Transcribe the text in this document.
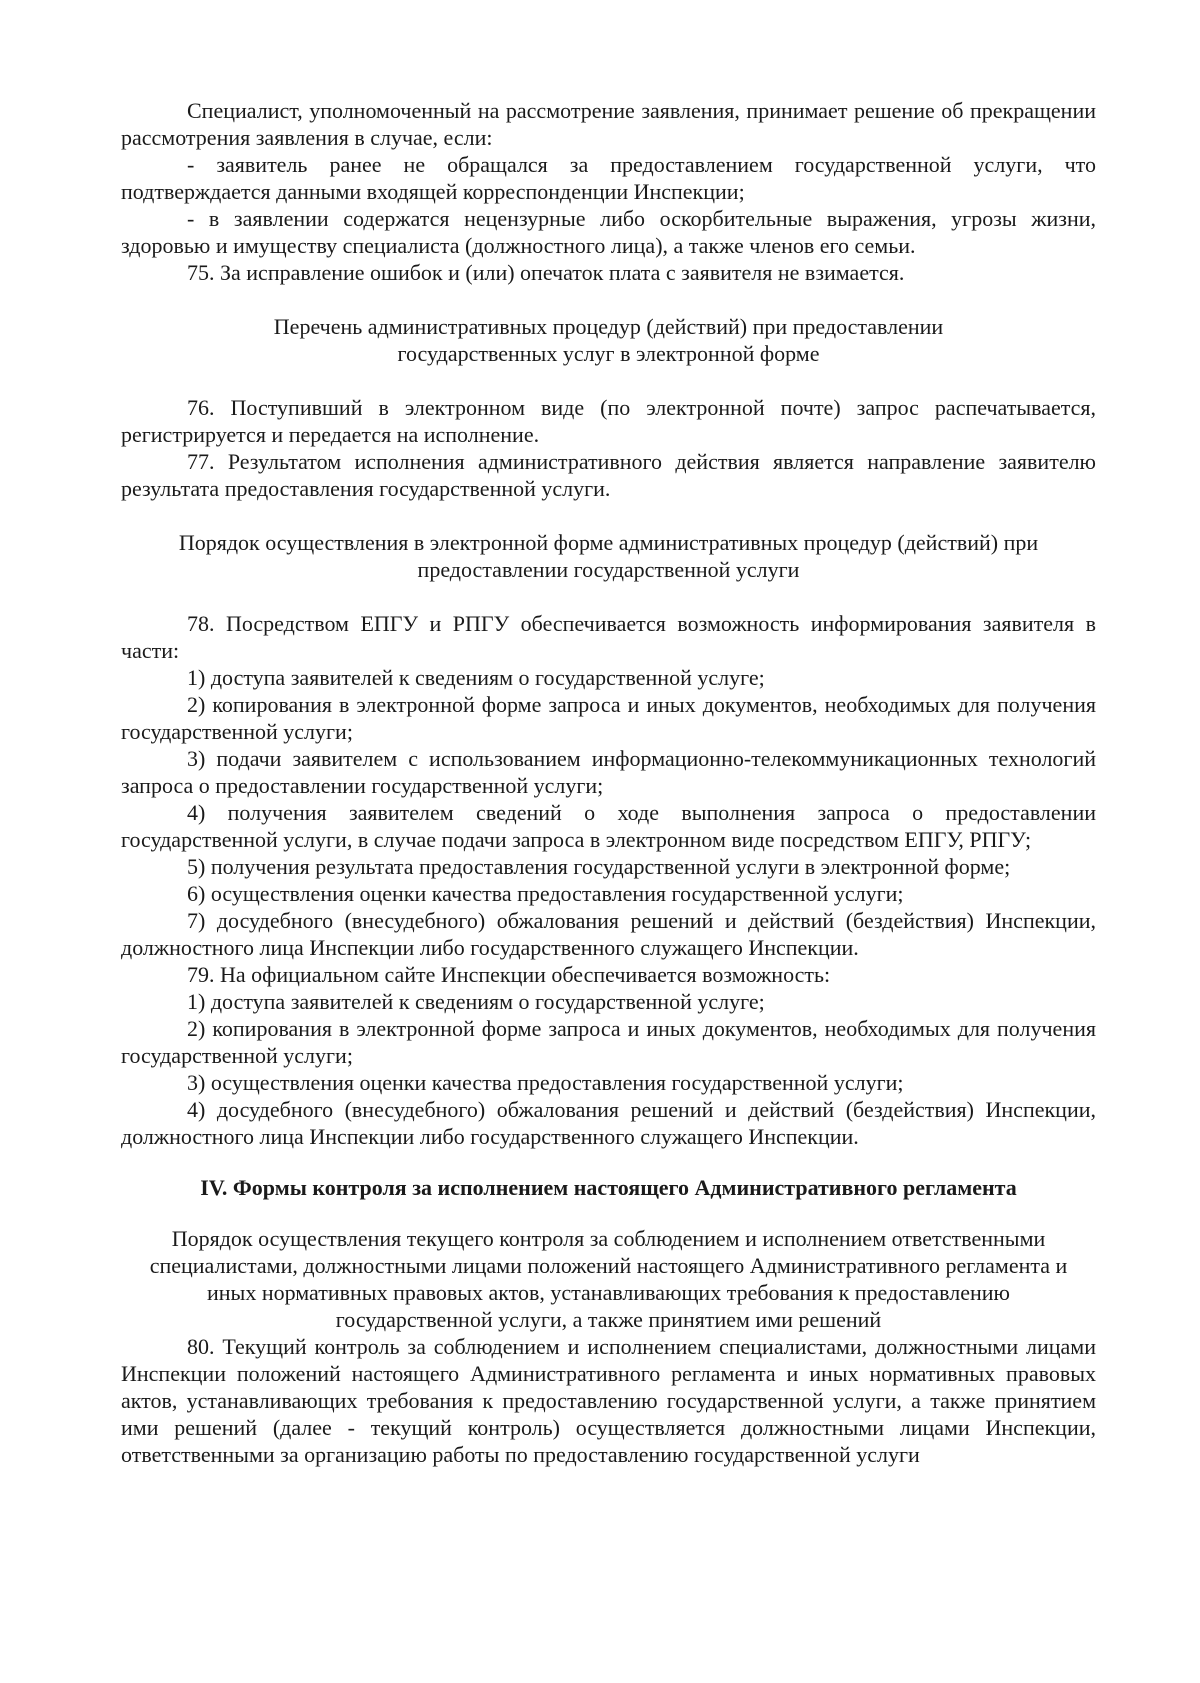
Специалист, уполномоченный на рассмотрение заявления, принимает решение об прекращении рассмотрения заявления в случае, если:

- заявитель ранее не обращался за предоставлением государственной услуги, что подтверждается данными входящей корреспонденции Инспекции;

- в заявлении содержатся нецензурные либо оскорбительные выражения, угрозы жизни, здоровью и имуществу специалиста (должностного лица), а также членов его семьи.

75. За исправление ошибок и (или) опечаток плата с заявителя не взимается.

Перечень административных процедур (действий) при предоставлении
государственных услуг в электронной форме

76. Поступивший в электронном виде (по электронной почте) запрос распечатывается, регистрируется и передается на исполнение.

77. Результатом исполнения административного действия является направление заявителю результата предоставления государственной услуги.

Порядок осуществления в электронной форме административных процедур (действий) при
предоставлении государственной услуги

78. Посредством ЕПГУ и РПГУ обеспечивается возможность информирования заявителя в части:

1) доступа заявителей к сведениям о государственной услуге;

2) копирования в электронной форме запроса и иных документов, необходимых для получения государственной услуги;

3) подачи заявителем с использованием информационно-телекоммуникационных технологий запроса о предоставлении государственной услуги;

4) получения заявителем сведений о ходе выполнения запроса о предоставлении государственной услуги, в случае подачи запроса в электронном виде посредством ЕПГУ, РПГУ;

5) получения результата предоставления государственной услуги в электронной форме;

6) осуществления оценки качества предоставления государственной услуги;

7) досудебного (внесудебного) обжалования решений и действий (бездействия) Инспекции, должностного лица Инспекции либо государственного служащего Инспекции.

79. На официальном сайте Инспекции обеспечивается возможность:

1) доступа заявителей к сведениям о государственной услуге;

2) копирования в электронной форме запроса и иных документов, необходимых для получения государственной услуги;

3) осуществления оценки качества предоставления государственной услуги;

4) досудебного (внесудебного) обжалования решений и действий (бездействия) Инспекции, должностного лица Инспекции либо государственного служащего Инспекции.

IV. Формы контроля за исполнением настоящего Административного регламента
Порядок осуществления текущего контроля за соблюдением и исполнением ответственными
специалистами, должностными лицами положений настоящего Административного регламента и
иных нормативных правовых актов, устанавливающих требования к предоставлению
государственной услуги, а также принятием ими решений

80. Текущий контроль за соблюдением и исполнением специалистами, должностными лицами Инспекции положений настоящего Административного регламента и иных нормативных правовых актов, устанавливающих требования к предоставлению государственной услуги, а также принятием ими решений (далее - текущий контроль) осуществляется должностными лицами Инспекции, ответственными за организацию работы по предоставлению государственной услуги
